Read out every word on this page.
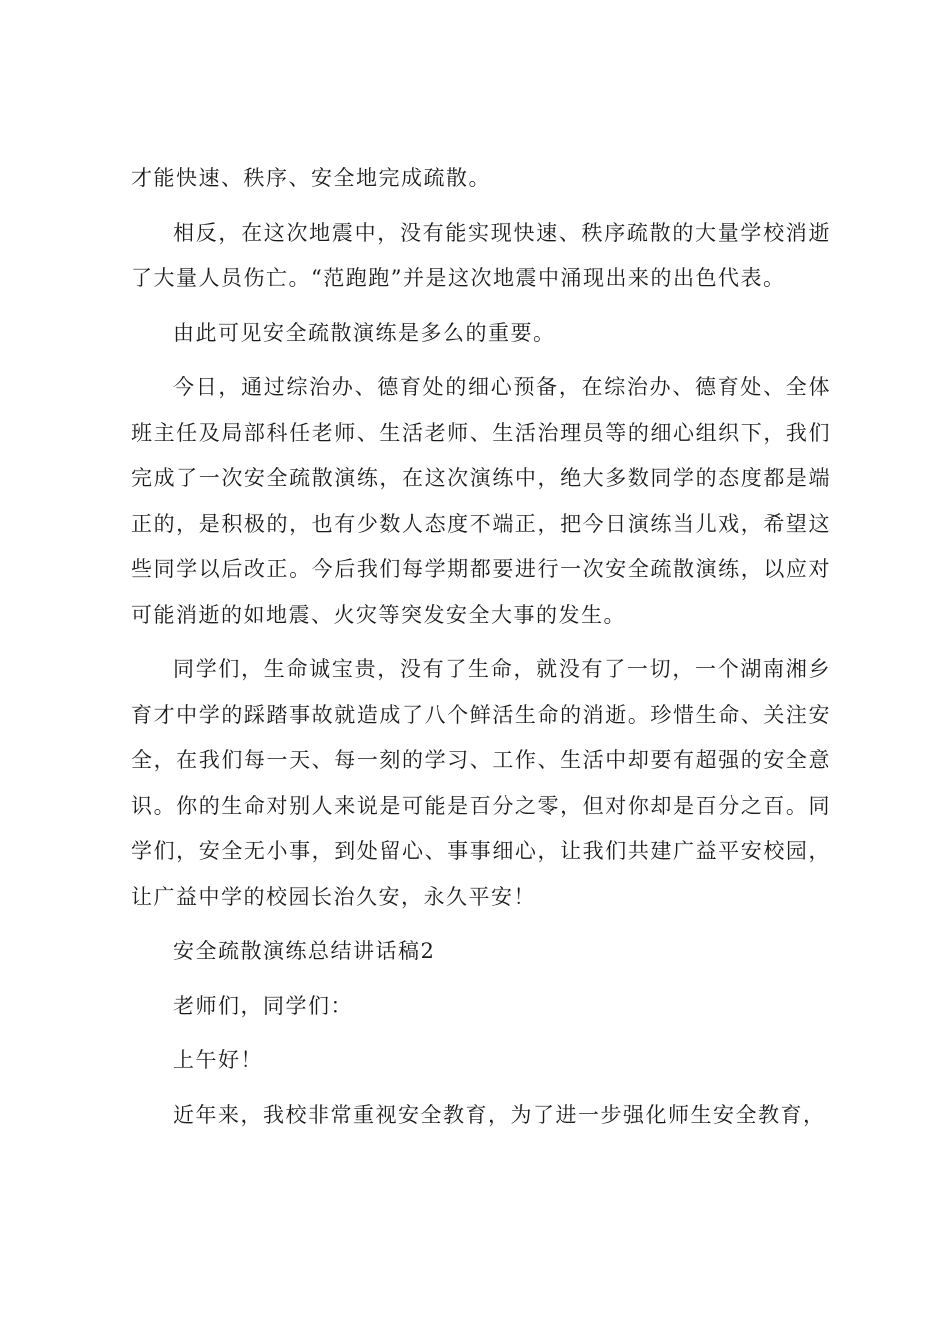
才能快速、秩序、安全地完成疏散。

相反，在这次地震中，没有能实现快速、秩序疏散的大量学校消逝了大量人员伤亡。“范跑跑”并是这次地震中涌现出来的出色代表。

由此可见安全疏散演练是多么的重要。

今日，通过综治办、德育处的细心预备，在综治办、德育处、全体班主任及局部科任老师、生活老师、生活治理员等的细心组织下，我们完成了一次安全疏散演练，在这次演练中，绝大多数同学的态度都是端正的，是积极的，也有少数人态度不端正，把今日演练当儿戏，希望这些同学以后改正。今后我们每学期都要进行一次安全疏散演练，以应对可能消逝的如地震、火灾等突发安全大事的发生。

同学们，生命诚宝贵，没有了生命，就没有了一切，一个湖南湘乡育才中学的踩踏事故就造成了八个鲜活生命的消逝。珍惜生命、关注安全，在我们每一天、每一刻的学习、工作、生活中却要有超强的安全意识。你的生命对别人来说是可能是百分之零，但对你却是百分之百。同学们，安全无小事，到处留心、事事细心，让我们共建广益平安校园，让广益中学的校园长治久安，永久平安！

安全疏散演练总结讲话稿2

老师们，同学们：

上午好！

近年来，我校非常重视安全教育，为了进一步强化师生安全教育，
